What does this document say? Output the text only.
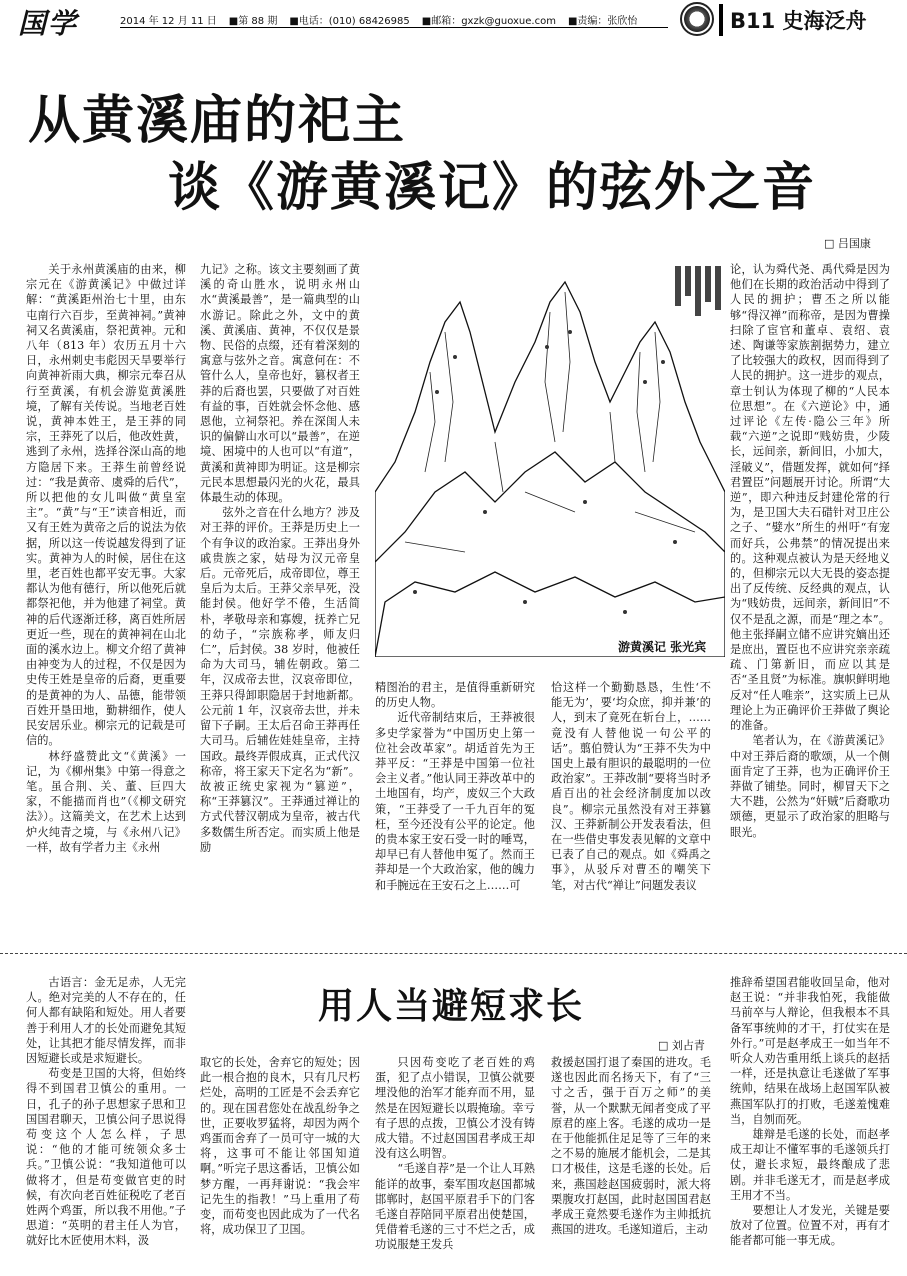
国学	2014 年 12 月 11 日 ■第 88 期 ■电话：(010) 68426985 ■邮箱：gxzk@guoxue.com ■责编：张欣怡	B11 史海泛舟
从黄溪庙的祀主
谈《游黄溪记》的弦外之音
□ 吕国康

关于永州黄溪庙的由来，柳宗元在《游黄溪记》中做过详解：“黄溪距州治七十里，由东屯南行六百步，至黄神祠。”黄神祠又名黄溪庙，祭祀黄神。元和八年（813 年）农历五月十六日，永州刺史韦彪因天旱要举行向黄神祈雨大典，柳宗元奉召从行至黄溪，有机会游览黄溪胜境，了解有关传说。当地老百姓说，黄神本姓王，是王莽的同宗，王莽死了以后，他改姓黄，逃到了永州，选择谷深山高的地方隐居下来。王莽生前曾经说过：“我是黄帝、虞舜的后代”，所以把他的女儿叫做“黄皇室主”。“黄”与“王”读音相近，而又有王姓为黄帝之后的说法为依据，所以这一传说越发得到了证实。黄神为人的时候，居住在这里，老百姓也都平安无事。大家都认为他有德行，所以他死后就都祭祀他，并为他建了祠堂。黄神的后代逐渐迁移，离百姓所居更近一些，现在的黄神祠在山北面的溪水边上。柳文介绍了黄神由神变为人的过程，不仅是因为史传王姓是皇帝的后裔，更重要的是黄神的为人、品德，能带领百姓开垦田地，勤耕细作，使人民安居乐业。柳宗元的记载是可信的。

林纾盛赞此文“《黄溪》一记，为《柳州集》中第一得意之笔。虽合荆、关、董、巨四大家，不能描而肖也”（《柳文研究法》）。这篇美文，在艺术上达到炉火纯青之境，与《永州八记》一样，故有学者力主《永州

九记》之称。该文主要刻画了黄溪的奇山胜水，说明永州山水“黄溪最善”，是一篇典型的山水游记。除此之外，文中的黄溪、黄溪庙、黄神，不仅仅是景物、民俗的点缀，还有着深刻的寓意与弦外之音。寓意何在：不管什么人，皇帝也好，篡权者王莽的后裔也罢，只要做了对百姓有益的事，百姓就会怀念他、感恩他，立祠祭祀。养在深闺人未识的偏僻山水可以“最善”，在逆境、困境中的人也可以“有道”，黄溪和黄神即为明证。这是柳宗元民本思想最闪光的火花，最具体最生动的体现。

弦外之音在什么地方？涉及对王莽的评价。王莽是历史上一个有争议的政治家。王莽出身外戚贵族之家，姑母为汉元帝皇后。元帝死后，成帝即位，尊王皇后为太后。王莽父亲早死，没能封侯。他好学不倦，生活简朴，孝敬母亲和寡嫂，抚养亡兄的幼子，“宗族称孝，师友归仁”，后封侯。38 岁时，他被任命为大司马，辅佐朝政。第二年，汉成帝去世，汉哀帝即位，王莽只得卸职隐居于封地新都。公元前 1 年，汉哀帝去世，并未留下子嗣。王太后召命王莽再任大司马。后辅佐娃娃皇帝，主持国政。最终弄假成真，正式代汉称帝，将王家天下定名为“新”。故被正统史家视为“篡逆”，称“王莽篡汉”。王莽通过禅让的方式代替汉朝成为皇帝，被古代多数儒生所否定。而实质上他是励

游黄溪记 张光宾

精图治的君主，是值得重新研究的历史人物。

近代帝制结束后，王莽被很多史学家誉为“中国历史上第一位社会改革家”。胡适首先为王莽平反：“王莽是中国第一位社会主义者。”他认同王莽改革中的土地国有，均产，废奴三个大政策，“王莽受了一千九百年的冤枉，至今还没有公平的论定。他的贵本家王安石受一时的唾骂，却早已有人替他申冤了。然而王莽却是一个大政治家，他的魄力和手腕远在王安石之上……可

恰这样一个勤勤恳恳，生性‘不能无为’，要‘均众庶，抑并兼’的人，到末了竟死在斩台上，……竟没有人替他说一句公平的话”。翦伯赞认为“王莽不失为中国史上最有胆识的最聪明的一位政治家”。王莽改制“要将当时矛盾百出的社会经济制度加以改良”。柳宗元虽然没有对王莽篡汉、王莽新制公开发表看法，但在一些借史事发表见解的文章中已表了自己的观点。如《舜禹之事》，从驳斥对曹丕的嘲笑下笔，对古代“禅让”问题发表议

论，认为舜代尧、禹代舜是因为他们在长期的政治活动中得到了人民的拥护；曹丕之所以能够“得汉禅”而称帝，是因为曹操扫除了宦官和董卓、袁绍、袁述、陶谦等家族割据势力，建立了比较强大的政权，因而得到了人民的拥护。这一进步的观点，章士钊认为体现了柳的“人民本位思想”。在《六逆论》中，通过评论《左传·隐公三年》所载“六逆”之说即“贱妨贵，少陵长，远间亲，新间旧，小加大，淫破义”，借题发挥，就如何“择君置臣”问题展开讨论。所谓“大逆”，即六种违反封建伦常的行为，是卫国大夫石碏针对卫庄公之子、“嬖水”所生的州吁“有宠而好兵，公弗禁”的情况提出来的。这种观点被认为是天经地义的，但柳宗元以大无畏的姿态提出了反传统、反经典的观点，认为“贱妨贵，远间亲，新间旧”不仅不是乱之源，而是“理之本”。他主张择嗣立储不应讲究嫡出还是庶出，置臣也不应讲究亲亲疏疏、门第新旧，而应以其是否“圣且贤”为标准。旗帜鲜明地反对“任人唯亲”，这实质上已从理论上为正确评价王莽做了舆论的准备。

笔者认为，在《游黄溪记》中对王莽后裔的歌颂，从一个侧面肯定了王莽，也为正确评价王莽做了铺垫。同时，柳冒天下之大不韪，公然为“奸贼”后裔歌功颂德，更显示了政治家的胆略与眼光。

古语言：金无足赤，人无完人。绝对完美的人不存在的，任何人都有缺陷和短处。用人者要善于利用人才的长处而避免其短处，让其把才能尽情发挥，而非因短避长或是求短避长。

苟变是卫国的大将，但始终得不到国君卫慎公的重用。一日，孔子的孙子思想家子思和卫国国君聊天，卫慎公问子思说得苟变这个人怎么样，子思说：“他的才能可统领众多士兵。”卫慎公说：“我知道他可以做将才，但是苟变做官吏的时候，有次向老百姓征税吃了老百姓两个鸡蛋，所以我不用他。”子思道：“英明的君主任人为官，就好比木匠使用木料，汲

用人当避短求长
□ 刘占青

取它的长处，舍弃它的短处；因此一根合抱的良木，只有几尺朽烂处，高明的工匠是不会丢弃它的。现在国君您处在战乱纷争之世，正要收罗猛将，却因为两个鸡蛋而舍弃了一员可守一城的大将，这事可不能让邻国知道啊。”听完子思这番话，卫慎公如梦方醒，一再拜谢说：“我会牢记先生的指教！”马上重用了苟变，而苟变也因此成为了一代名将，成功保卫了卫国。

只因苟变吃了老百姓的鸡蛋，犯了点小错误，卫慎公就要埋没他的治军才能弃而不用，显然是在因短避长以瑕掩瑜。幸亏有子思的点拨，卫慎公才没有铸成大错。不过赵国国君孝成王却没有这么明智。

“毛遂自荐”是一个让人耳熟能详的故事，秦军围攻赵国都城邯郸时，赵国平原君手下的门客毛遂自荐陪同平原君出使楚国，凭借着毛遂的三寸不烂之舌，成功说服楚王发兵

救援赵国打退了秦国的进攻。毛遂也因此而名扬天下，有了“三寸之舌，强于百万之师”的美誉，从一个默默无闻者变成了平原君的座上客。毛遂的成功一是在于他能抓住足足等了三年的来之不易的施展才能机会，二是其口才极佳，这是毛遂的长处。后来，燕国趁赵国疲弱时，派大将栗腹攻打赵国，此时赵国国君赵孝成王竟然要毛遂作为主帅抵抗燕国的进攻。毛遂知道后，主动

推辞希望国君能收回呈命，他对赵王说：“并非我怕死，我能做马前卒与人辩论，但我根本不具备军事统帅的才干，打仗实在是外行。”可是赵孝成王一如当年不听众人劝告重用纸上谈兵的赵括一样，还是执意让毛遂做了军事统帅，结果在战场上赵国军队被燕国军队打的打败，毛遂羞愧难当，自刎而死。

雄辩是毛遂的长处，而赵孝成王却让不懂军事的毛遂领兵打仗，避长求短，最终酿成了悲剧。并非毛遂无才，而是赵孝成王用才不当。

要想让人才发光，关键是要放对了位置。位置不对，再有才能者都可能一事无成。
